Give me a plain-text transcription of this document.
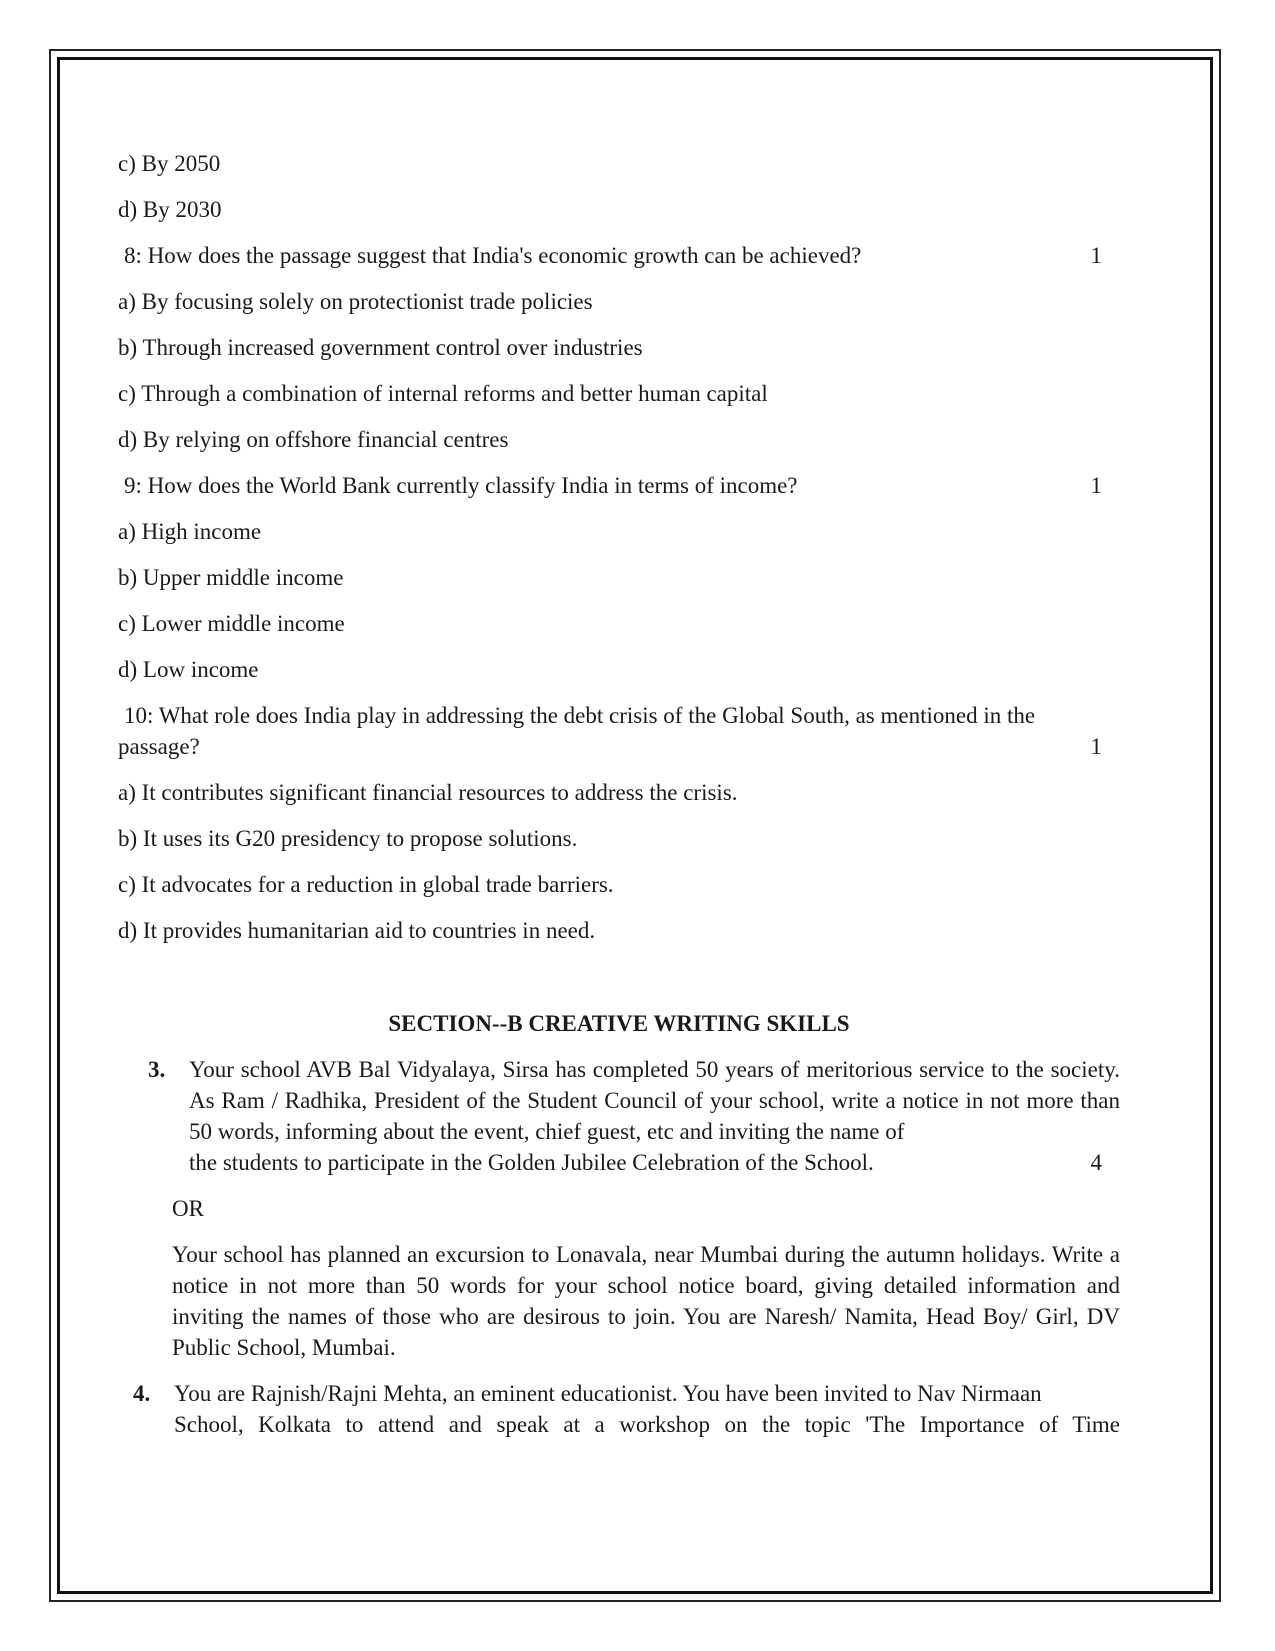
c) By 2050
d) By 2030
8: How does the passage suggest that India's economic growth can be achieved?	1
a) By focusing solely on protectionist trade policies
b) Through increased government control over industries
c) Through a combination of internal reforms and better human capital
d) By relying on offshore financial centres
9: How does the World Bank currently classify India in terms of income?	1
a) High income
b) Upper middle income
c) Lower middle income
d) Low income
10: What role does India play in addressing the debt crisis of the Global South, as mentioned in the
passage?	1
a) It contributes significant financial resources to address the crisis.
b) It uses its G20 presidency to propose solutions.
c) It advocates for a reduction in global trade barriers.
d) It provides humanitarian aid to countries in need.
SECTION--B CREATIVE WRITING SKILLS
3.	Your school AVB Bal Vidyalaya, Sirsa has completed 50 years of meritorious service to the society. As Ram / Radhika, President of the Student Council of your school, write a notice in not more than 50 words, informing about the event, chief guest, etc and inviting the name of
the students to participate in the Golden Jubilee Celebration of the School.	4
OR
Your school has planned an excursion to Lonavala, near Mumbai during the autumn holidays. Write a notice in not more than 50 words for your school notice board, giving detailed information and inviting the names of those who are desirous to join. You are Naresh/ Namita, Head Boy/ Girl, DV Public School, Mumbai.
4.	You are Rajnish/Rajni Mehta, an eminent educationist. You have been invited to Nav Nirmaan
School, Kolkata to attend and speak at a workshop on the topic 'The Importance of Time
